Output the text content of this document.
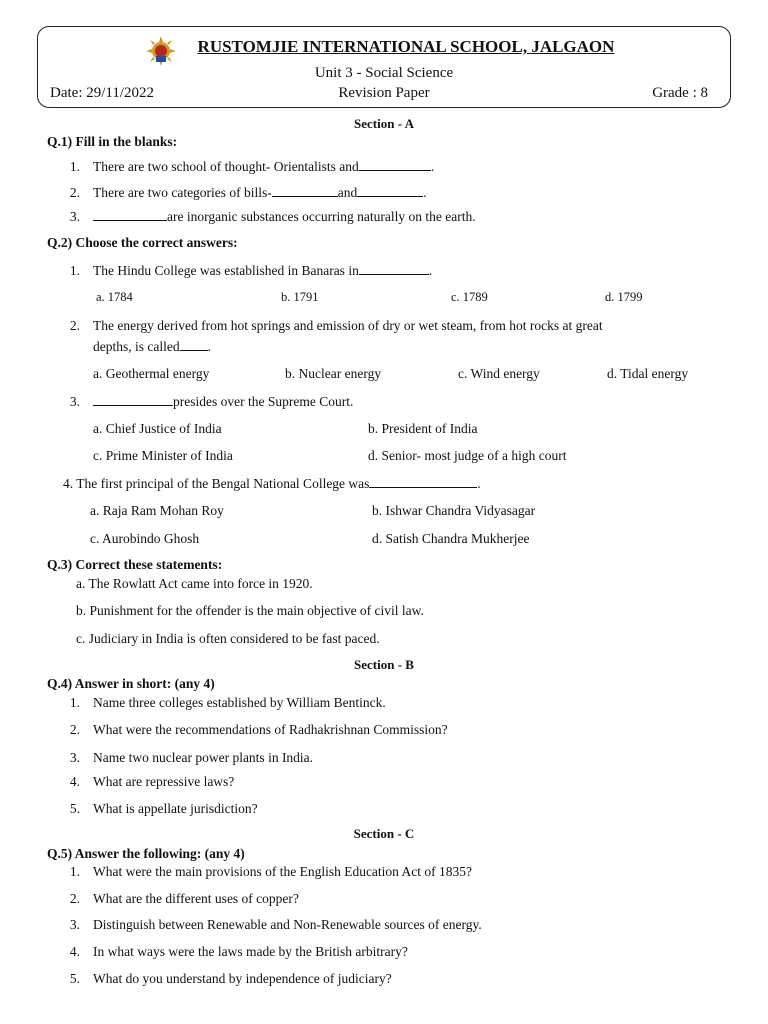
RUSTOMJIE INTERNATIONAL SCHOOL, JALGAON
Unit 3 - Social Science
Date: 29/11/2022	Revision Paper	Grade : 8
Section - A
Q.1) Fill in the blanks:
1. There are two school of thought- Orientalists and	.
2. There are two categories of bills-	and	.
3.	are inorganic substances occurring naturally on the earth.
Q.2) Choose the correct answers:
1. The Hindu College was established in Banaras in	.
a. 1784	b. 1791	c. 1789	d. 1799
2. The energy derived from hot springs and emission of dry or wet steam, from hot rocks at great
depths, is called .
a. Geothermal energy	b. Nuclear energy	c. Wind energy	d. Tidal energy
3.	presides over the Supreme Court.
a. Chief Justice of India	b. President of India
c. Prime Minister of India	d. Senior- most judge of a high court
4. The first principal of the Bengal National College was	.
a. Raja Ram Mohan Roy	b. Ishwar Chandra Vidyasagar
c. Aurobindo Ghosh	d. Satish Chandra Mukherjee
Q.3) Correct these statements:
a. The Rowlatt Act came into force in 1920.
b. Punishment for the offender is the main objective of civil law.
c. Judiciary in India is often considered to be fast paced.
Section - B
Q.4) Answer in short: (any 4)
1. Name three colleges established by William Bentinck.
2. What were the recommendations of Radhakrishnan Commission?
3. Name two nuclear power plants in India.
4. What are repressive laws?
5. What is appellate jurisdiction?
Section - C
Q.5) Answer the following: (any 4)
1. What were the main provisions of the English Education Act of 1835?
2. What are the different uses of copper?
3. Distinguish between Renewable and Non-Renewable sources of energy.
4. In what ways were the laws made by the British arbitrary?
5. What do you understand by independence of judiciary?
